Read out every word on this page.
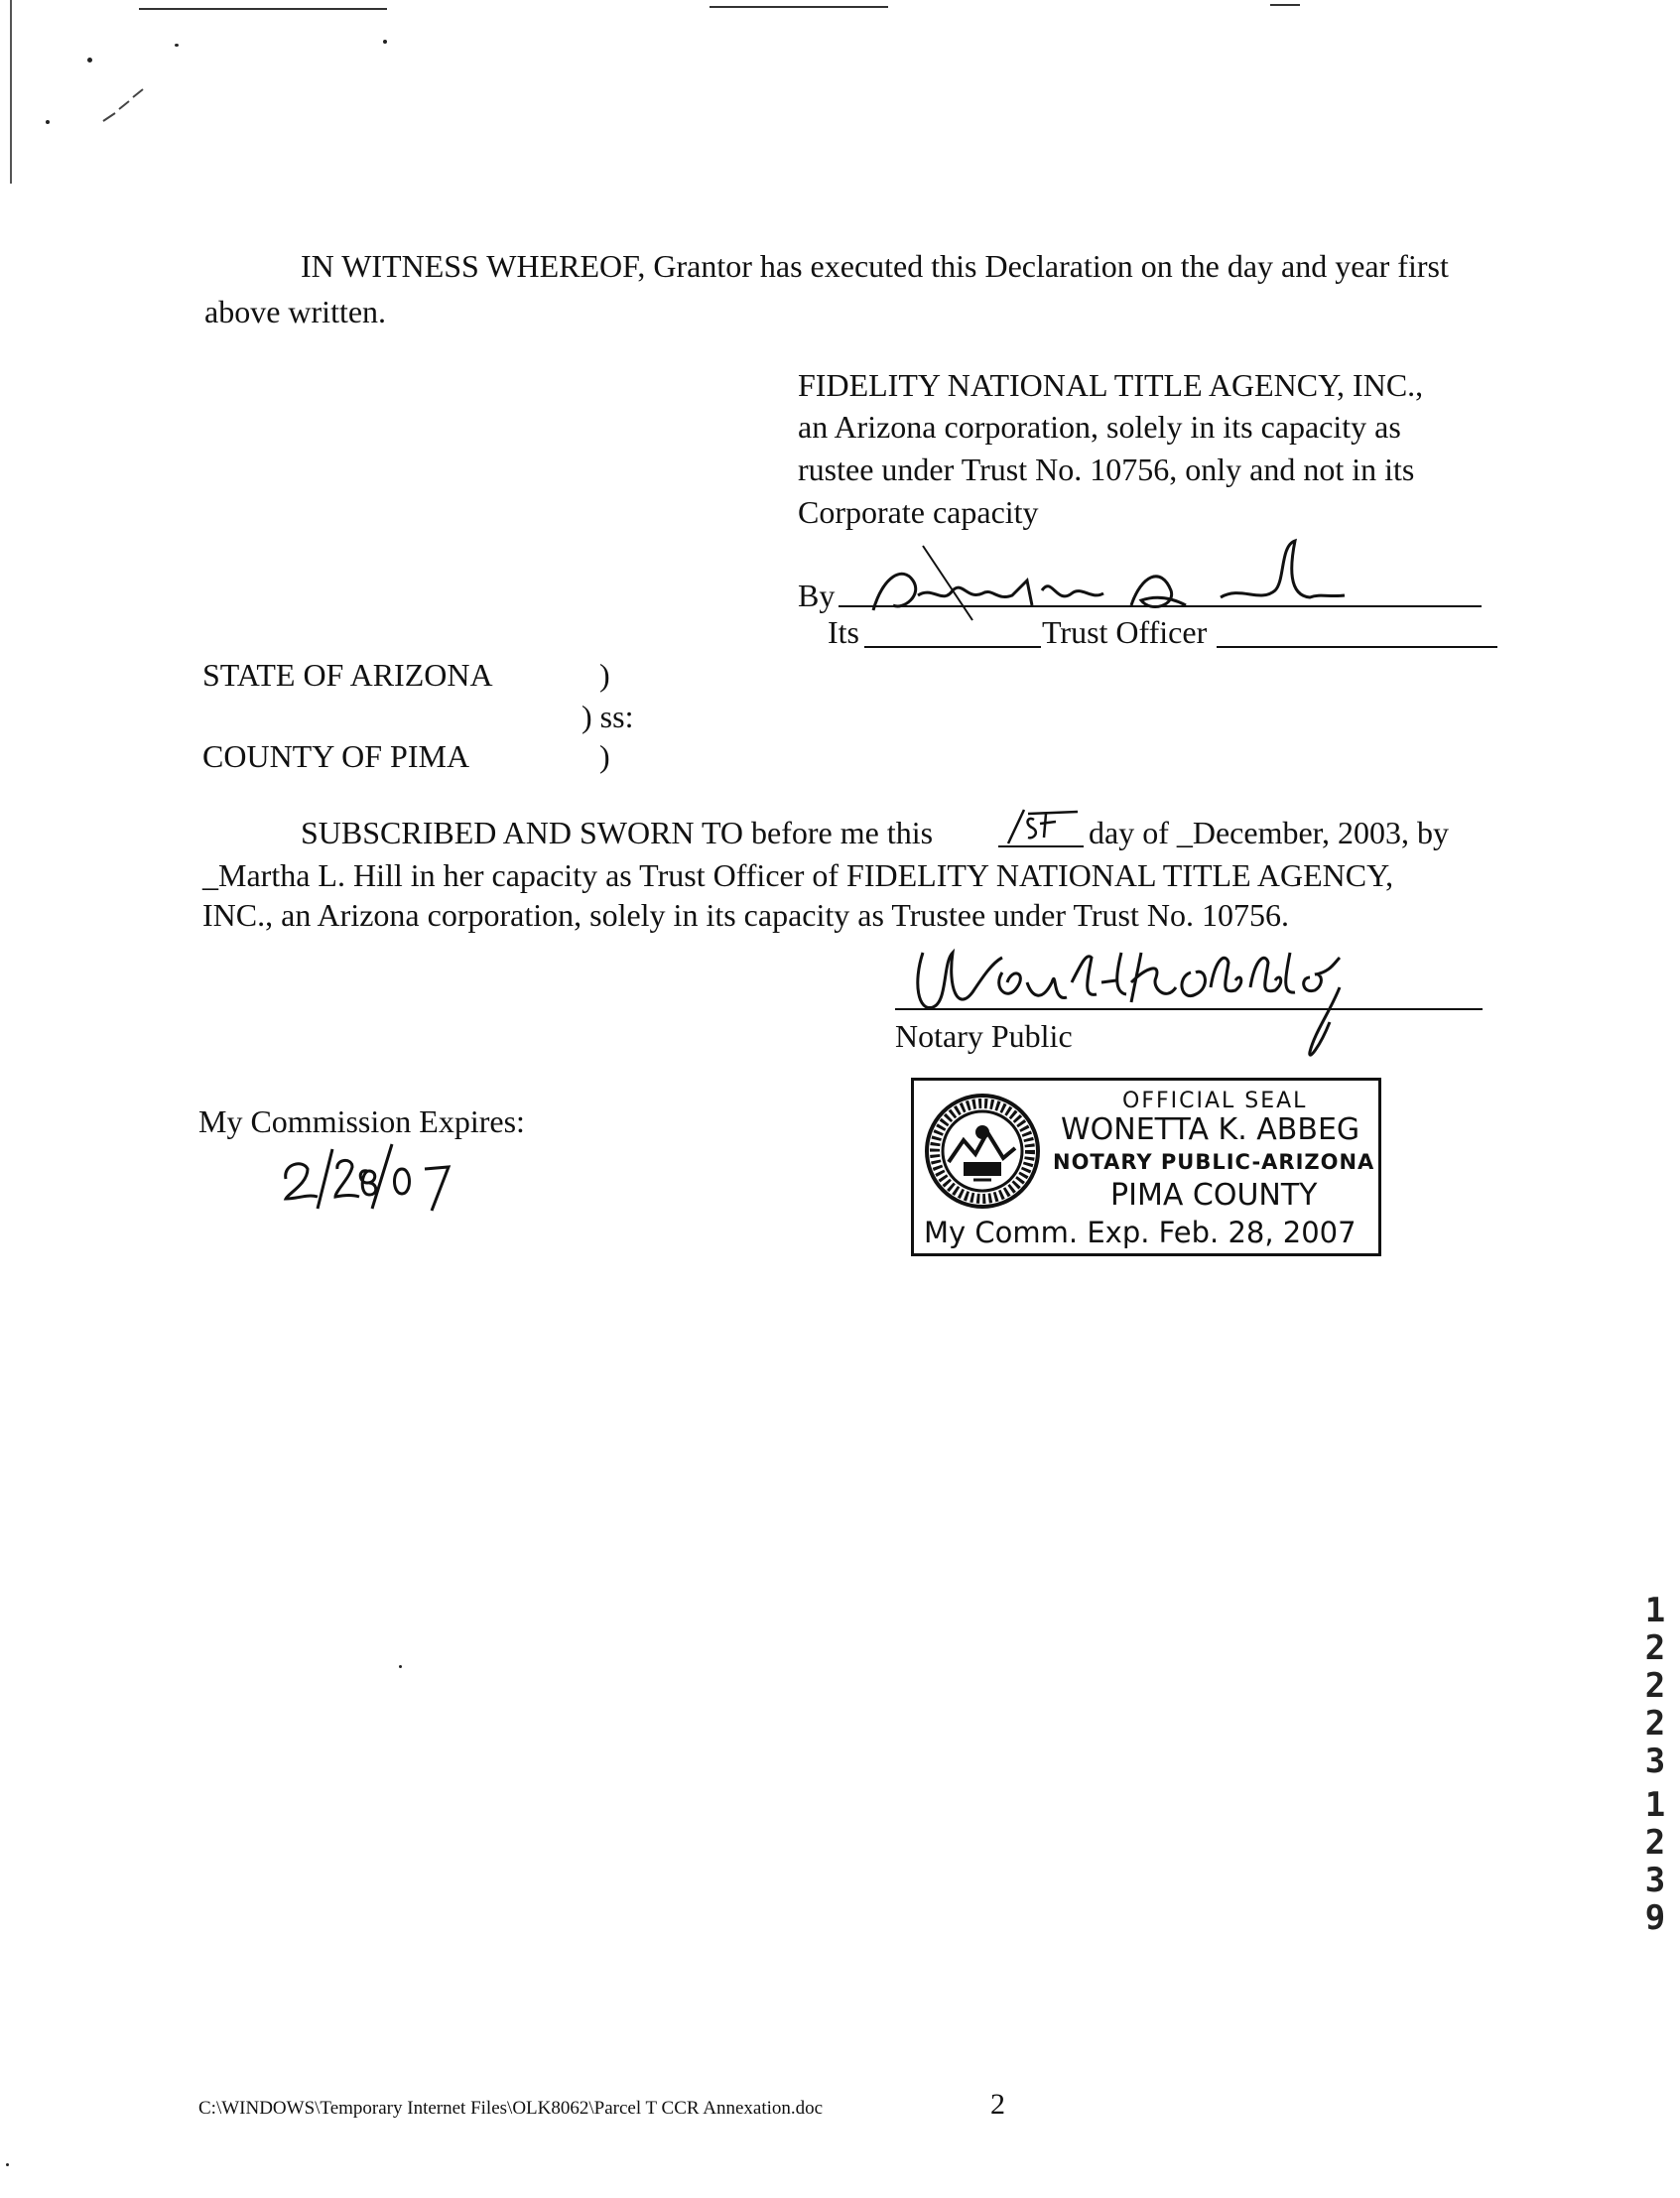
IN WITNESS WHEREOF, Grantor has executed this Declaration on the day and year first
above written.
FIDELITY NATIONAL TITLE AGENCY, INC.,
an Arizona corporation, solely in its capacity as
rustee under Trust No. 10756, only and not in its
Corporate capacity
By
Its	Trust Officer
STATE OF ARIZONA	)
) ss:
COUNTY OF PIMA	)
SUBSCRIBED AND SWORN TO before me this	day of _December, 2003, by
_Martha L. Hill in her capacity as Trust Officer of FIDELITY NATIONAL TITLE AGENCY,
INC., an Arizona corporation, solely in its capacity as Trustee under Trust No. 10756.
Notary Public
My Commission Expires:
OFFICIAL SEAL
WONETTA K. ABBEG
NOTARY PUBLIC-ARIZONA
PIMA COUNTY
My Comm. Exp. Feb. 28, 2007
1
2
2
2
3
1
2
3
9
C:\WINDOWS\Temporary Internet Files\OLK8062\Parcel T CCR Annexation.doc	2
